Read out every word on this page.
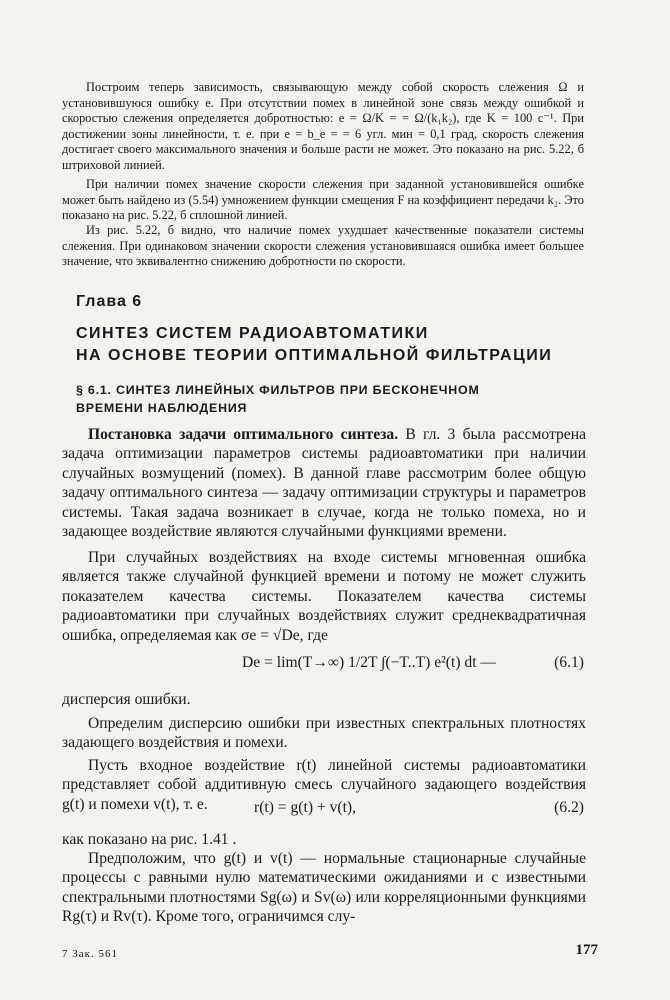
Построим теперь зависимость, связывающую между собой скорость слежения Ω и установившуюся ошибку e. При отсутствии помех в линейной зоне связь между ошибкой и скоростью слежения определяется добротностью: e = Ω/K = = Ω/(k₁k₂), где K = 100 с⁻¹. При достижении зоны линейности, т. е. при e = b_e = = 6 угл. мин = 0,1 град, скорость слежения достигает своего максимального значения и больше расти не может. Это показано на рис. 5.22, б штриховой линией.

При наличии помех значение скорости слежения при заданной установившейся ошибке может быть найдено из (5.54) умножением функции смещения F на коэффициент передачи k₂. Это показано на рис. 5.22, б сплошной линией.

Из рис. 5.22, б видно, что наличие помех ухудшает качественные показатели системы слежения. При одинаковом значении скорости слежения установившаяся ошибка имеет большее значение, что эквивалентно снижению добротности по скорости.

Глава 6
СИНТЕЗ СИСТЕМ РАДИОАВТОМАТИКИ
НА ОСНОВЕ ТЕОРИИ ОПТИМАЛЬНОЙ ФИЛЬТРАЦИИ
§ 6.1. СИНТЕЗ ЛИНЕЙНЫХ ФИЛЬТРОВ ПРИ БЕСКОНЕЧНОМ
ВРЕМЕНИ НАБЛЮДЕНИЯ

Постановка задачи оптимального синтеза. В гл. 3 была рассмотрена задача оптимизации параметров системы радиоавтоматики при наличии случайных возмущений (помех). В данной главе рассмотрим более общую задачу оптимального синтеза — задачу оптимизации структуры и параметров системы. Такая задача возникает в случае, когда не только помеха, но и задающее воздействие являются случайными функциями времени.

При случайных воздействиях на входе системы мгновенная ошибка является также случайной функцией времени и потому не может служить показателем качества системы. Показателем качества системы радиоавтоматики при случайных воздействиях служит среднеквадратичная ошибка, определяемая как σe = √De, где

De = lim(T→∞) 1/2T ∫(−T..T) e²(t) dt —	(6.1)

дисперсия ошибки.

Определим дисперсию ошибки при известных спектральных плотностях задающего воздействия и помехи.

Пусть входное воздействие r(t) линейной системы радиоавтоматики представляет собой аддитивную смесь случайного задающего воздействия g(t) и помехи v(t), т. е.	r(t) = g(t) + v(t),	(6.2)

как показано на рис. 1.41 .

Предположим, что g(t) и v(t) — нормальные стационарные случайные процессы с равными нулю математическими ожиданиями и с известными спектральными плотностями Sg(ω) и Sv(ω) или корреляционными функциями Rg(τ) и Rv(τ). Кроме того, ограничимся слу-

7 Зак. 561	177
